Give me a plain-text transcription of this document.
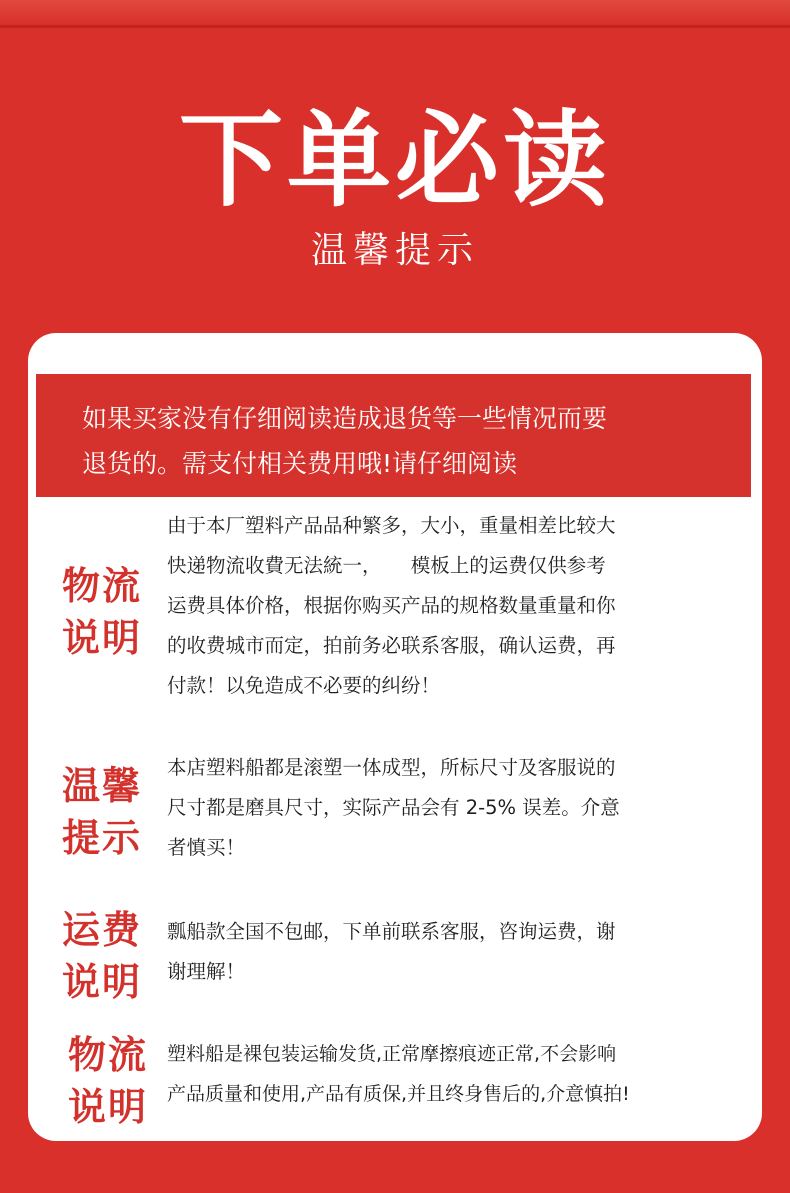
下单必读
温馨提示
如果买家没有仔细阅读造成退货等一些情况而要
退货的。需支付相关费用哦!请仔细阅读
物流
说明
由于本厂塑料产品品种繁多，大小，重量相差比较大
快递物流收費无法統一，　　模板上的运费仅供参考
运费具体价格，根据你购买产品的规格数量重量和你
的收费城市而定，拍前务必联系客服，确认运费，再
付款！以免造成不必要的纠纷！
温馨
提示
本店塑料船都是滚塑一体成型，所标尺寸及客服说的
尺寸都是磨具尺寸，实际产品会有 2-5% 误差。介意
者慎买！
运费
说明
瓢船款全国不包邮，下单前联系客服，咨询运费，谢
谢理解！
物流
说明
塑料船是裸包装运输发货,正常摩擦痕迹正常,不会影响
产品质量和使用,产品有质保,并且终身售后的,介意慎拍!
